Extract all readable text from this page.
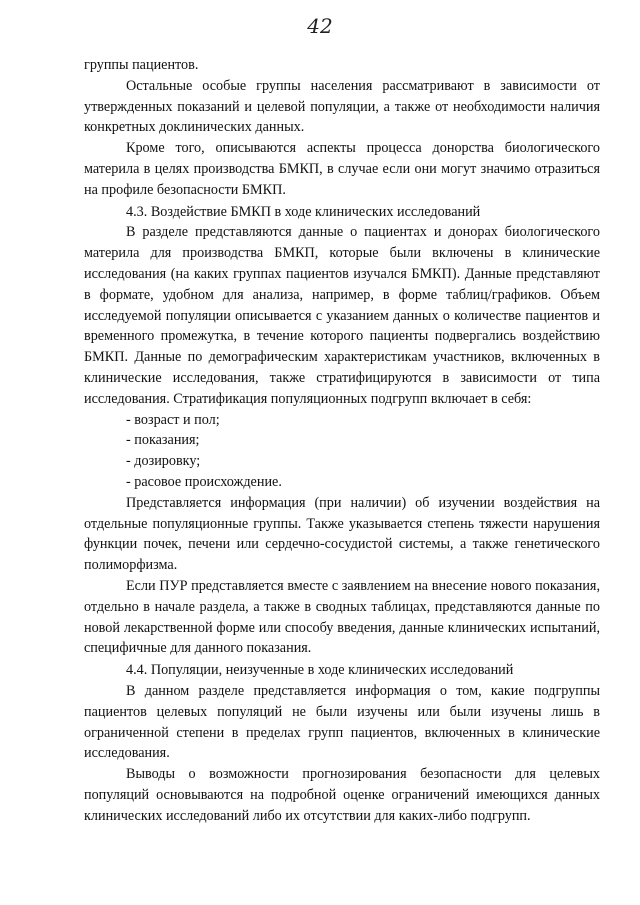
42

группы пациентов.

Остальные особые группы населения рассматривают в зависимости от утвержденных показаний и целевой популяции, а также от необходимости наличия конкретных доклинических данных.

Кроме того, описываются аспекты процесса донорства биологического материла в целях производства БМКП, в случае если они могут значимо отразиться на профиле безопасности БМКП.

4.3. Воздействие БМКП в ходе клинических исследований

В разделе представляются данные о пациентах и донорах биологического материла для производства БМКП, которые были включены в клинические исследования (на каких группах пациентов изучался БМКП). Данные представляют в формате, удобном для анализа, например, в форме таблиц/графиков. Объем исследуемой популяции описывается с указанием данных о количестве пациентов и временного промежутка, в течение которого пациенты подвергались воздействию БМКП. Данные по демографическим характеристикам участников, включенных в клинические исследования, также стратифицируются в зависимости от типа исследования. Стратификация популяционных подгрупп включает в себя:

- возраст и пол;
- показания;
- дозировку;
- расовое происхождение.

Представляется информация (при наличии) об изучении воздействия на отдельные популяционные группы. Также указывается степень тяжести нарушения функции почек, печени или сердечно-сосудистой системы, а также генетического полиморфизма.

Если ПУР представляется вместе с заявлением на внесение нового показания, отдельно в начале раздела, а также в сводных таблицах, представляются данные по новой лекарственной форме или способу введения, данные клинических испытаний, специфичные для данного показания.

4.4. Популяции, неизученные в ходе клинических исследований

В данном разделе представляется информация о том, какие подгруппы пациентов целевых популяций не были изучены или были изучены лишь в ограниченной степени в пределах групп пациентов, включенных в клинические исследования.

Выводы о возможности прогнозирования безопасности для целевых популяций основываются на подробной оценке ограничений имеющихся данных клинических исследований либо их отсутствии для каких-либо подгрупп.
